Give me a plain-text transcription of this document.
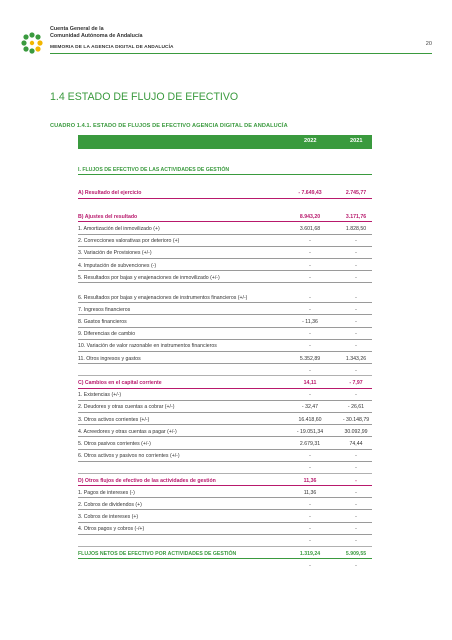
Cuenta General de la
Comunidad Autónoma de Andalucía
MEMORIA DE LA AGENCIA DIGITAL DE ANDALUCÍA
20
1.4 ESTADO DE FLUJO DE EFECTIVO
CUADRO 1.4.1. ESTADO DE FLUJOS DE EFECTIVO AGENCIA DIGITAL DE ANDALUCÍA
2022	2021
I. FLUJOS DE EFECTIVO DE LAS ACTIVIDADES DE GESTIÓN
A) Resultado del ejercicio	- 7.649,43	2.745,77
B) Ajustes del resultado	8.943,20	3.171,76
1. Amortización del inmovilizado (+)	3.601,68	1.828,50
2. Correcciones valorativas por deterioro (+)	-	-
3. Variación de Provisiones (+/-)	-	-
4. Imputación de subvenciones (-)	-	-
5. Resultados por bajas y enajenaciones de inmovilizado (+/-)	-	-
6. Resultados por bajas y enajenaciones de instrumentos financieros (+/-)	-	-
7. Ingresos financieros	-	-
8. Gastos financieros	- 11,36	-
9. Diferencias de cambio	-	-
10. Variación de valor razonable en instrumentos financieros	-	-
11. Otros ingresos y gastos	5.352,89	1.343,26
-	-
C) Cambios en el capital corriente	14,11	- 7,97
1. Existencias (+/-)	-	-
2. Deudores y otras cuentas a cobrar (+/-)	- 32,47	- 26,61
3. Otros activos corrientes (+/-)	16.418,60	- 30.148,79
4. Acreedores y otras cuentas a pagar (+/-)	- 19.051,34	30.092,99
5. Otros pasivos corrientes (+/-)	2.679,31	74,44
6. Otros activos y pasivos no corrientes (+/-)	-	-
-	-
D) Otros flujos de efectivo de las actividades de gestión	11,36	-
1. Pagos de intereses (-)	11,36	-
2. Cobros de dividendos (+)	-	-
3. Cobros de intereses (+)	-	-
4. Otros pagos y cobros (-/+)	-	-
-	-
FLUJOS NETOS DE EFECTIVO POR ACTIVIDADES DE GESTIÓN	1.319,24	5.909,55
-	-
